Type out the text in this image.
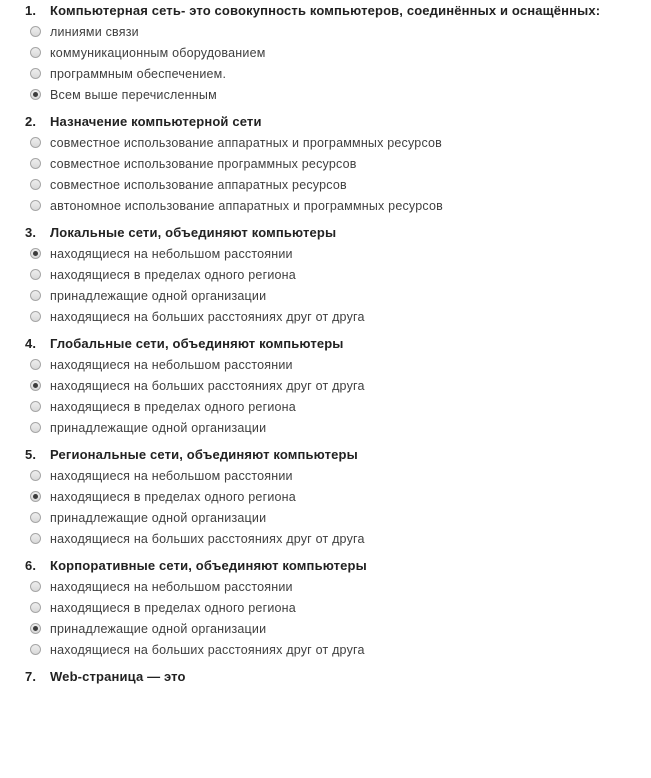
1. Компьютерная сеть- это совокупность компьютеров, соединённых и оснащённых:
линиями связи
коммуникационным оборудованием
программным обеспечением.
Всем выше перечисленным
2. Назначение компьютерной сети
совместное использование аппаратных и программных ресурсов
совместное использование программных ресурсов
совместное использование аппаратных ресурсов
автономное использование аппаратных и программных ресурсов
3. Локальные сети, объединяют компьютеры
находящиеся на небольшом расстоянии
находящиеся в пределах одного региона
принадлежащие одной организации
находящиеся на больших расстояниях друг от друга
4. Глобальные сети, объединяют компьютеры
находящиеся на небольшом расстоянии
находящиеся на больших расстояниях друг от друга
находящиеся в пределах одного региона
принадлежащие одной организации
5. Региональные сети, объединяют компьютеры
находящиеся на небольшом расстоянии
находящиеся в пределах одного региона
принадлежащие одной организации
находящиеся на больших расстояниях друг от друга
6. Корпоративные сети, объединяют компьютеры
находящиеся на небольшом расстоянии
находящиеся в пределах одного региона
принадлежащие одной организации
находящиеся на больших расстояниях друг от друга
7. Web-страница — это
